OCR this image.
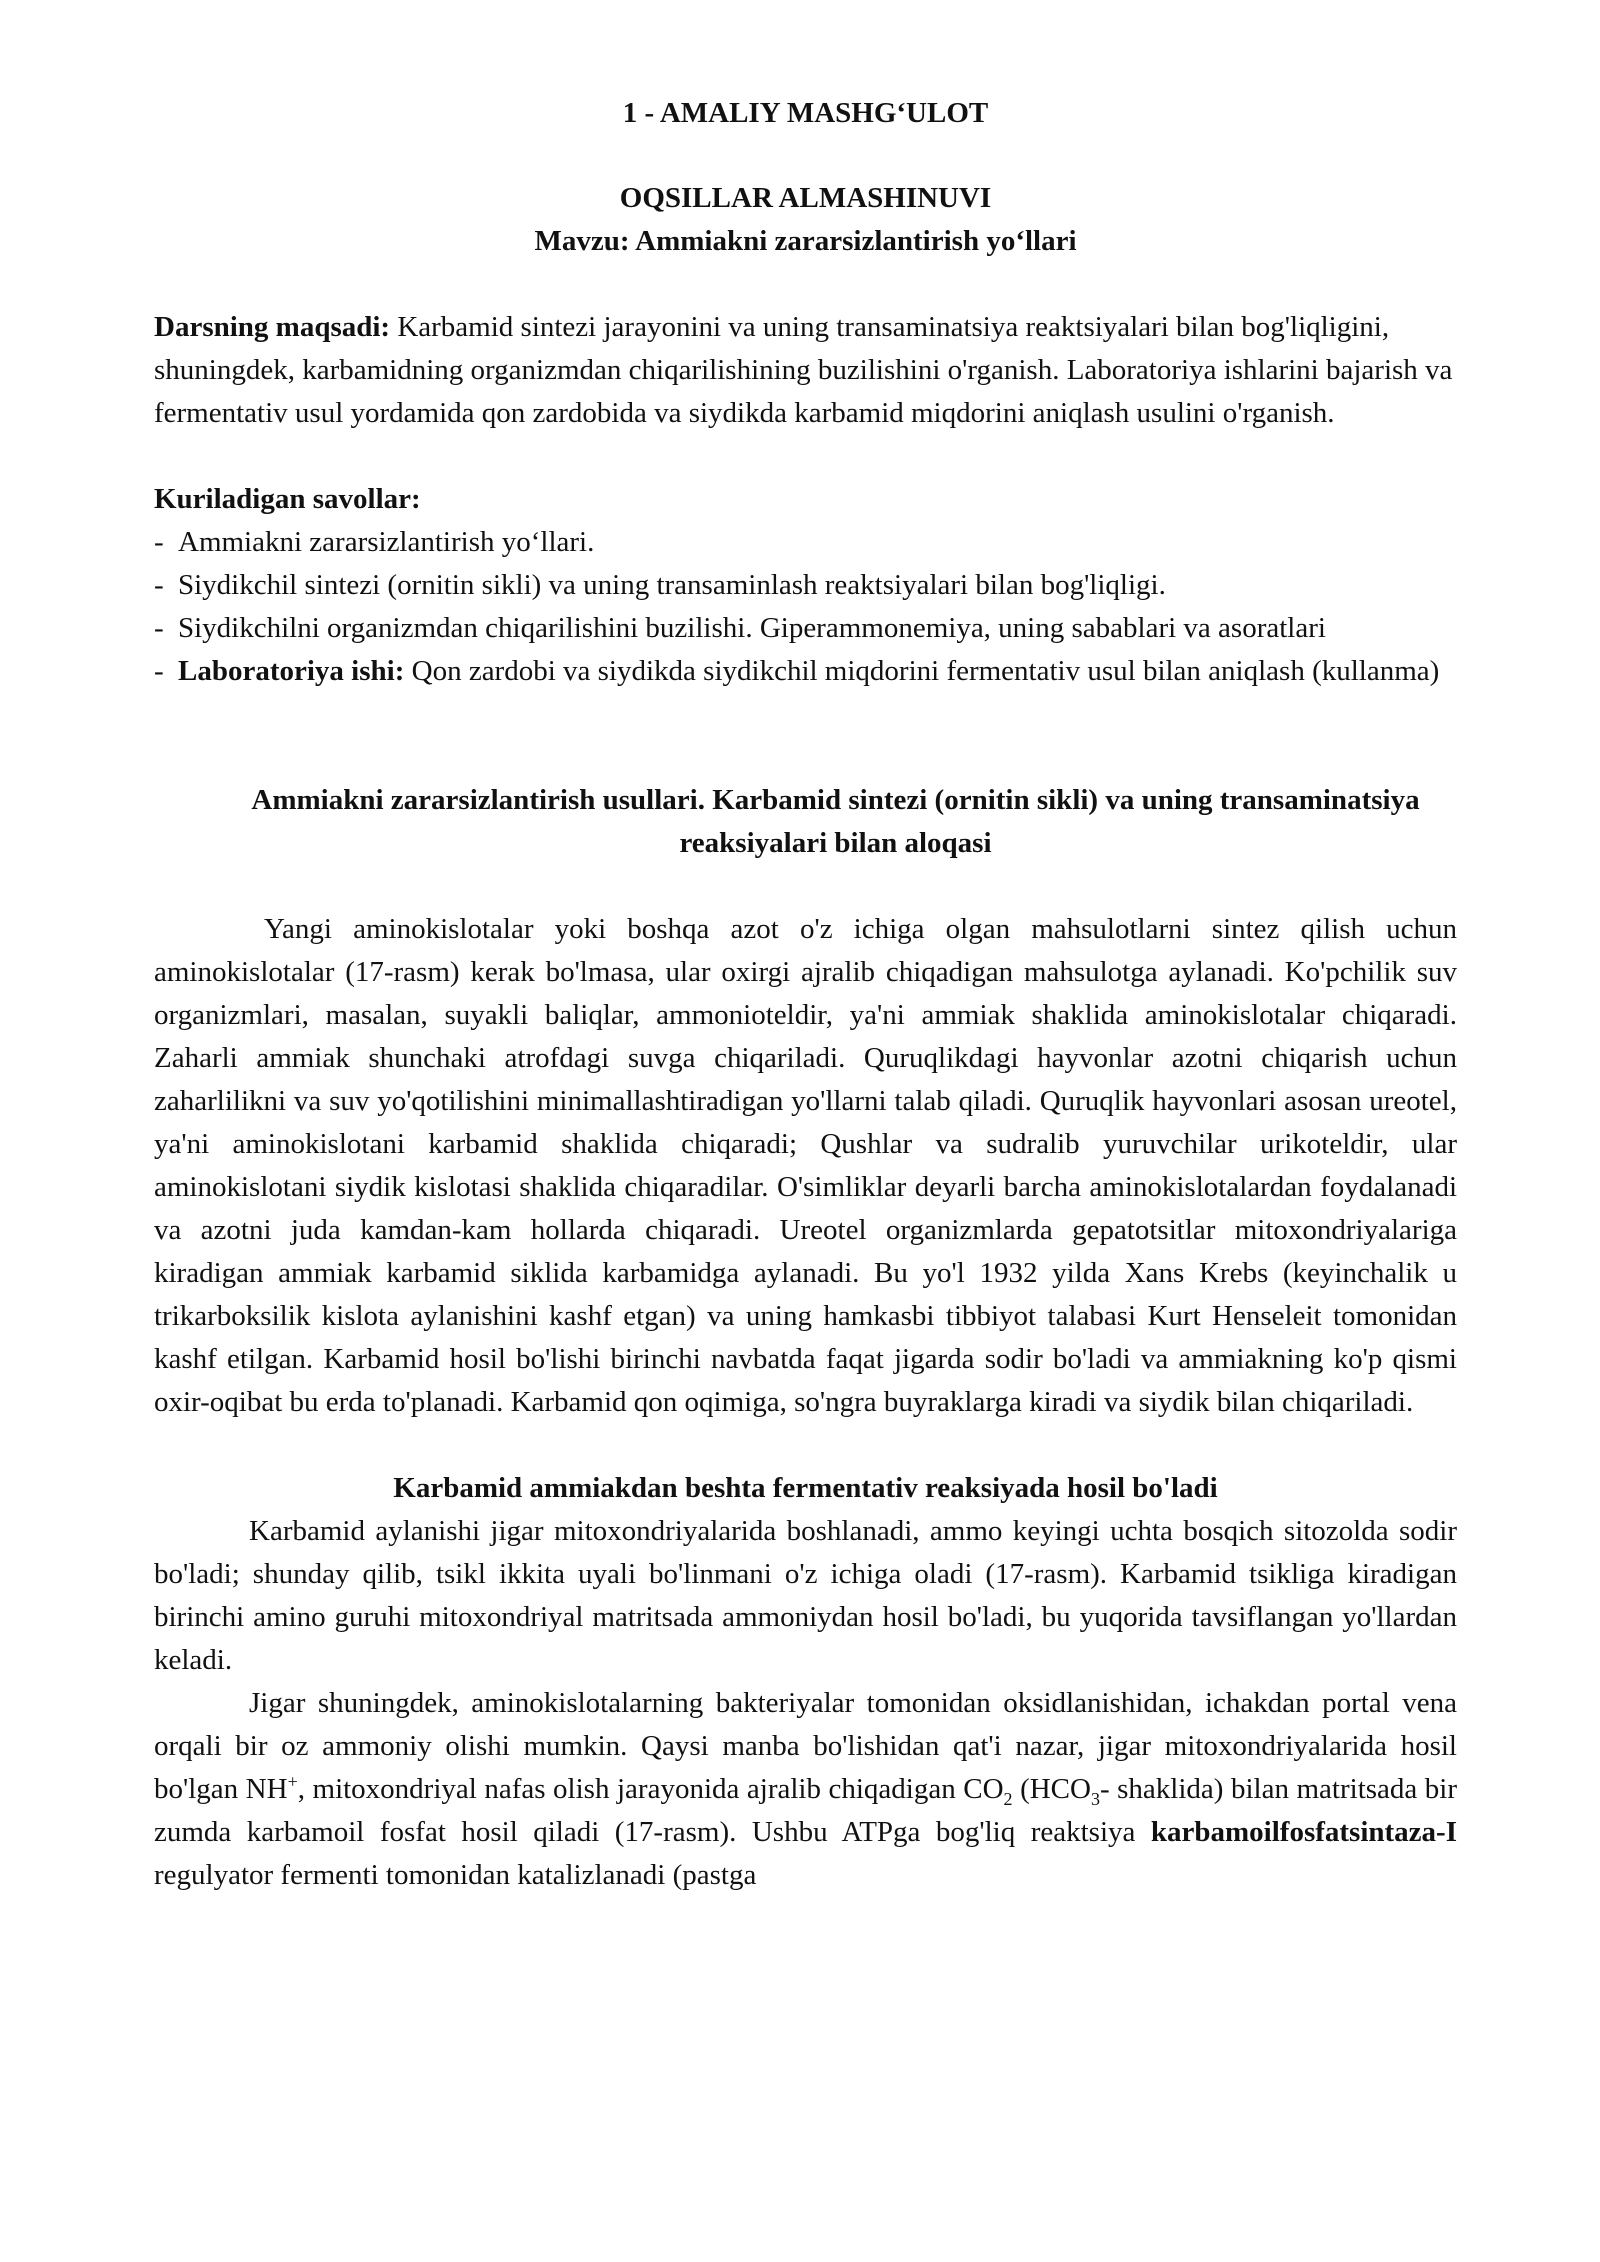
1 - AMALIY MASHG‘ULOT

OQSILLAR ALMASHINUVI

Mavzu: Ammiakni zararsizlantirish yo‘llari

Darsning maqsadi: Karbamid sintezi jarayonini va uning transaminatsiya reaktsiyalari bilan bog'liqligini, shuningdek, karbamidning organizmdan chiqarilishining buzilishini o'rganish. Laboratoriya ishlarini bajarish va fermentativ usul yordamida qon zardobida va siydikda karbamid miqdorini aniqlash usulini o'rganish.

Kuriladigan savollar:

- Ammiakni zararsizlantirish yo‘llari.
- Siydikchil sintezi (ornitin sikli) va uning transaminlash reaktsiyalari bilan bog'liqligi.
- Siydikchilni organizmdan chiqarilishini buzilishi. Giperammonemiya, uning sabablari va asoratlari
- Laboratoriya ishi: Qon zardobi va siydikda siydikchil miqdorini fermentativ usul bilan aniqlash (kullanma)

Ammiakni zararsizlantirish usullari. Karbamid sintezi (ornitin sikli) va uning transaminatsiya reaksiyalari bilan aloqasi

Yangi aminokislotalar yoki boshqa azot o'z ichiga olgan mahsulotlarni sintez qilish uchun aminokislotalar (17-rasm) kerak bo'lmasa, ular oxirgi ajralib chiqadigan mahsulotga aylanadi. Ko'pchilik suv organizmlari, masalan, suyakli baliqlar, ammonioteldir, ya'ni ammiak shaklida aminokislotalar chiqaradi. Zaharli ammiak shunchaki atrofdagi suvga chiqariladi. Quruqlikdagi hayvonlar azotni chiqarish uchun zaharlilikni va suv yo'qotilishini minimallashtiradigan yo'llarni talab qiladi. Quruqlik hayvonlari asosan ureotel, ya'ni aminokislotani karbamid shaklida chiqaradi; Qushlar va sudralib yuruvchilar urikoteldir, ular aminokislotani siydik kislotasi shaklida chiqaradilar. O'simliklar deyarli barcha aminokislotalardan foydalanadi va azotni juda kamdan-kam hollarda chiqaradi. Ureotel organizmlarda gepatotsitlar mitoxondriyalariga kiradigan ammiak karbamid siklida karbamidga aylanadi. Bu yo'l 1932 yilda Xans Krebs (keyinchalik u trikarboksilik kislota aylanishini kashf etgan) va uning hamkasbi tibbiyot talabasi Kurt Henseleit tomonidan kashf etilgan. Karbamid hosil bo'lishi birinchi navbatda faqat jigarda sodir bo'ladi va ammiakning ko'p qismi oxir-oqibat bu erda to'planadi. Karbamid qon oqimiga, so'ngra buyraklarga kiradi va siydik bilan chiqariladi.

Karbamid ammiakdan beshta fermentativ reaksiyada hosil bo'ladi

Karbamid aylanishi jigar mitoxondriyalarida boshlanadi, ammo keyingi uchta bosqich sitozolda sodir bo'ladi; shunday qilib, tsikl ikkita uyali bo'linmani o'z ichiga oladi (17-rasm). Karbamid tsikliga kiradigan birinchi amino guruhi mitoxondriyal matritsada ammoniydan hosil bo'ladi, bu yuqorida tavsiflangan yo'llardan keladi.

Jigar shuningdek, aminokislotalarning bakteriyalar tomonidan oksidlanishidan, ichakdan portal vena orqali bir oz ammoniy olishi mumkin. Qaysi manba bo'lishidan qat'i nazar, jigar mitoxondriyalarida hosil bo'lgan NH+, mitoxondriyal nafas olish jarayonida ajralib chiqadigan $CO_2$ ($HCO_3-$ shaklida) bilan matritsada bir zumda karbamoil fosfat hosil qiladi (17-rasm). Ushbu ATPga bog'liq reaktsiya karbamoilfosfatsintaza-I regulyator fermenti tomonidan katalizlanadi (pastga
